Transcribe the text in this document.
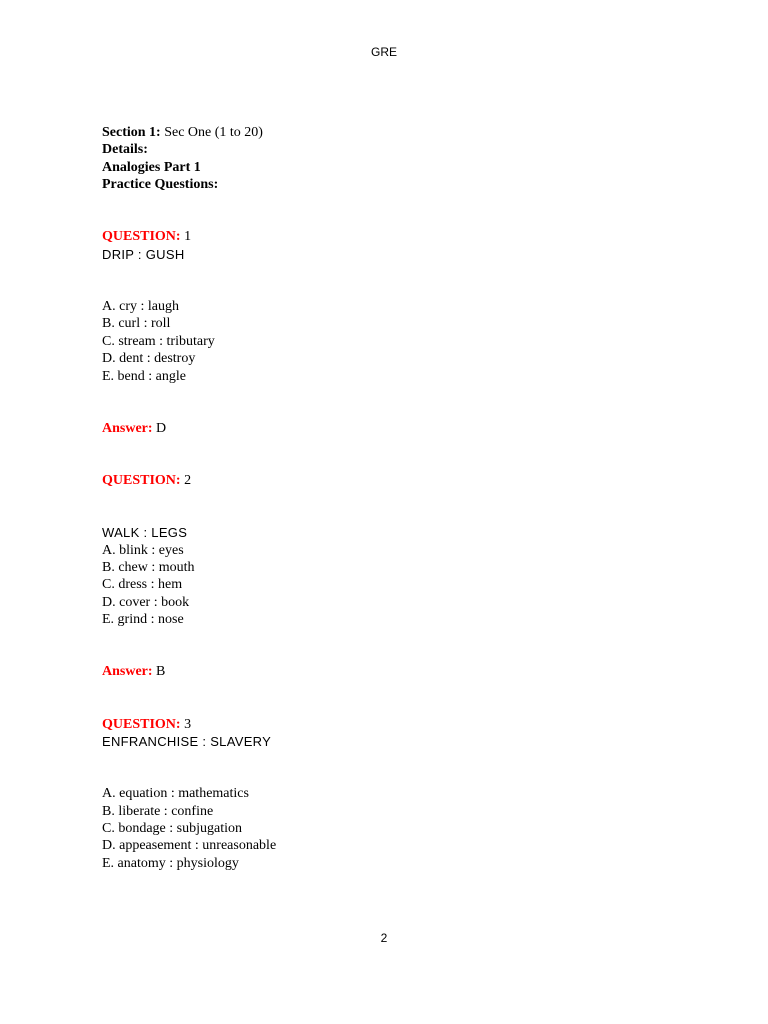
GRE
Section 1: Sec One (1 to 20)
Details:
Analogies Part 1
Practice Questions:
QUESTION: 1
DRIP : GUSH
A. cry : laugh
B. curl : roll
C. stream : tributary
D. dent : destroy
E. bend : angle
Answer: D
QUESTION: 2
WALK : LEGS
A. blink : eyes
B. chew : mouth
C. dress : hem
D. cover : book
E. grind : nose
Answer: B
QUESTION: 3
ENFRANCHISE : SLAVERY
A. equation : mathematics
B. liberate : confine
C. bondage : subjugation
D. appeasement : unreasonable
E. anatomy : physiology
2
